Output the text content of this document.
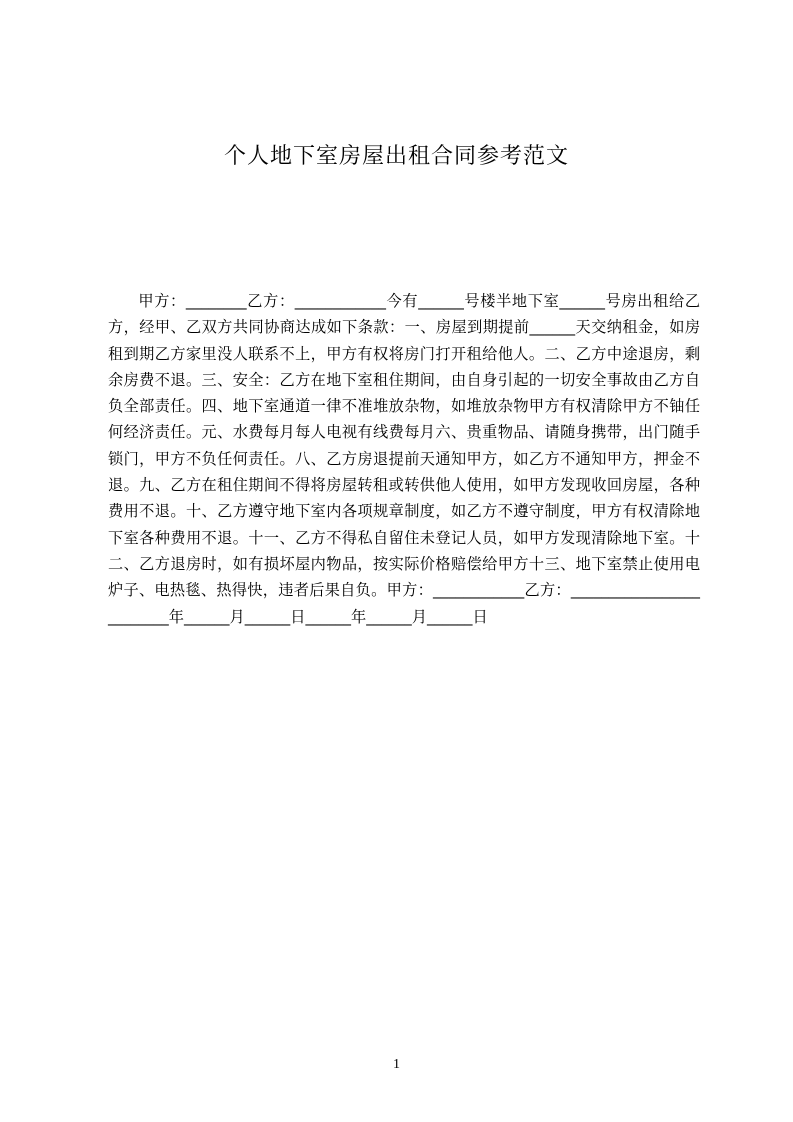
个人地下室房屋出租合同参考范文
甲方：________乙方：____________今有______号楼半地下室______号房出租给乙方，经甲、乙双方共同协商达成如下条款：一、房屋到期提前______天交纳租金，如房租到期乙方家里没人联系不上，甲方有权将房门打开租给他人。二、乙方中途退房，剩余房费不退。三、安全：乙方在地下室租住期间，由自身引起的一切安全事故由乙方自负全部责任。四、地下室通道一律不准堆放杂物，如堆放杂物甲方有权清除甲方不铀任何经济责任。元、水费每月每人电视有线费每月六、贵重物品、请随身携带，出门随手锁门，甲方不负任何责任。八、乙方房退提前天通知甲方，如乙方不通知甲方，押金不退。九、乙方在租住期间不得将房屋转租或转供他人使用，如甲方发现收回房屋，各种费用不退。十、乙方遵守地下室内各项规章制度，如乙方不遵守制度，甲方有权清除地下室各种费用不退。十一、乙方不得私自留住未登记人员，如甲方发现清除地下室。十二、乙方退房时，如有损坏屋内物品，按实际价格赔偿给甲方十三、地下室禁止使用电炉子、电热毯、热得快，违者后果自负。甲方：____________乙方：_________________________年______月______日______年______月______日
1
